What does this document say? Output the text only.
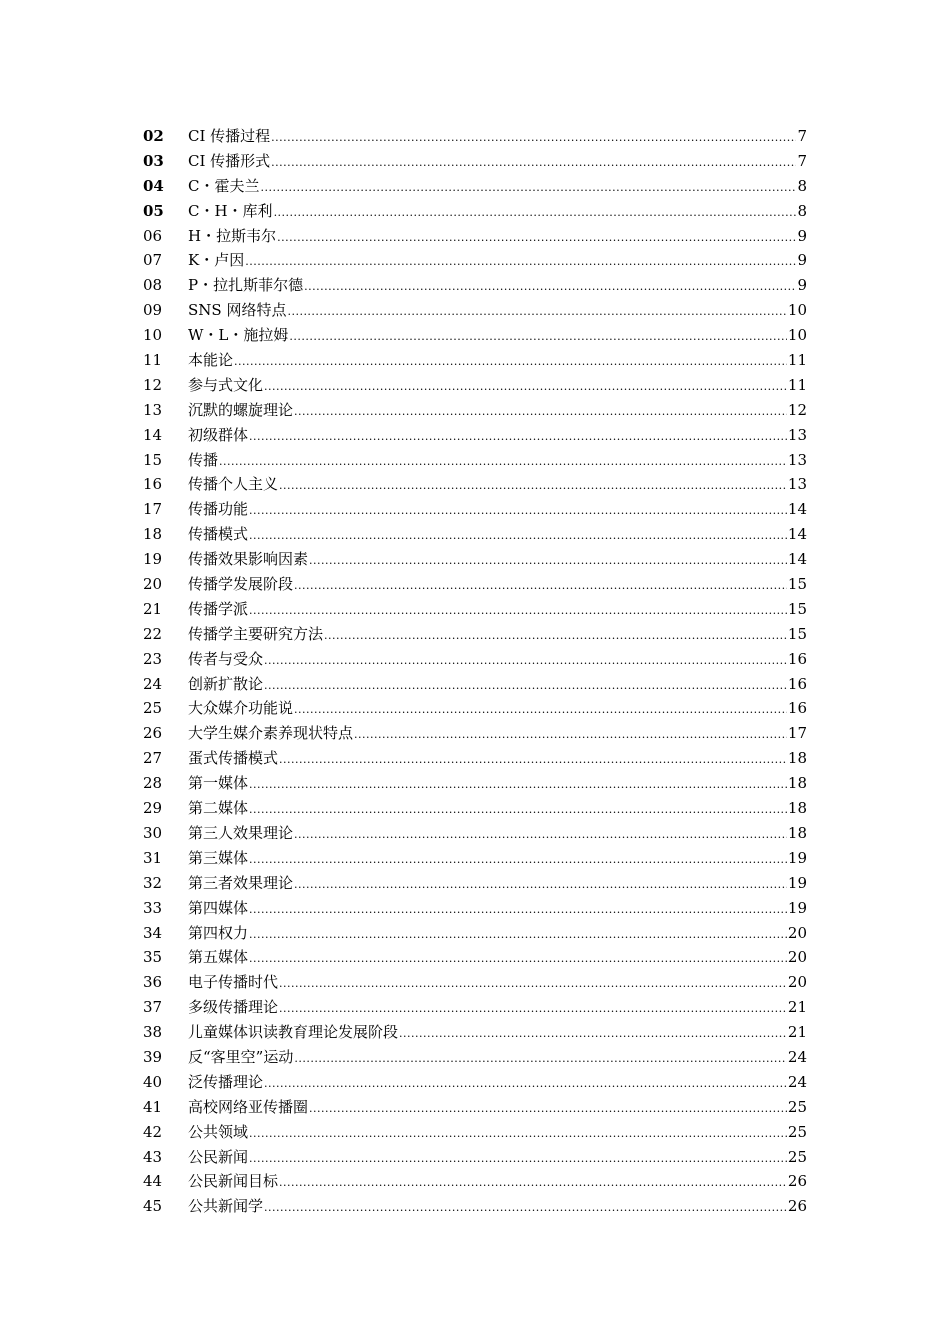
02	CI 传播过程 .....	7
03	CI 传播形式 .....	7
04	C・霍夫兰 .....	8
05	C・H・库利 .....	8
06	H・拉斯韦尔 .....	9
07	K・卢因 .....	9
08	P・拉扎斯菲尔德 .....	9
09	SNS 网络特点 .....	10
10	W・L・施拉姆 .....	10
11	本能论 .....	11
12	参与式文化 .....	11
13	沉默的螺旋理论 .....	12
14	初级群体 .....	13
15	传播 .....	13
16	传播个人主义 .....	13
17	传播功能 .....	14
18	传播模式 .....	14
19	传播效果影响因素 .....	14
20	传播学发展阶段 .....	15
21	传播学派 .....	15
22	传播学主要研究方法 .....	15
23	传者与受众 .....	16
24	创新扩散论 .....	16
25	大众媒介功能说 .....	16
26	大学生媒介素养现状特点 .....	17
27	蛋式传播模式 .....	18
28	第一媒体 .....	18
29	第二媒体 .....	18
30	第三人效果理论 .....	18
31	第三媒体 .....	19
32	第三者效果理论 .....	19
33	第四媒体 .....	19
34	第四权力 .....	20
35	第五媒体 .....	20
36	电子传播时代 .....	20
37	多级传播理论 .....	21
38	儿童媒体识读教育理论发展阶段 .....	21
39	反“客里空”运动 .....	24
40	泛传播理论 .....	24
41	高校网络亚传播圈 .....	25
42	公共领域 .....	25
43	公民新闻 .....	25
44	公民新闻目标 .....	26
45	公共新闻学 .....	26
